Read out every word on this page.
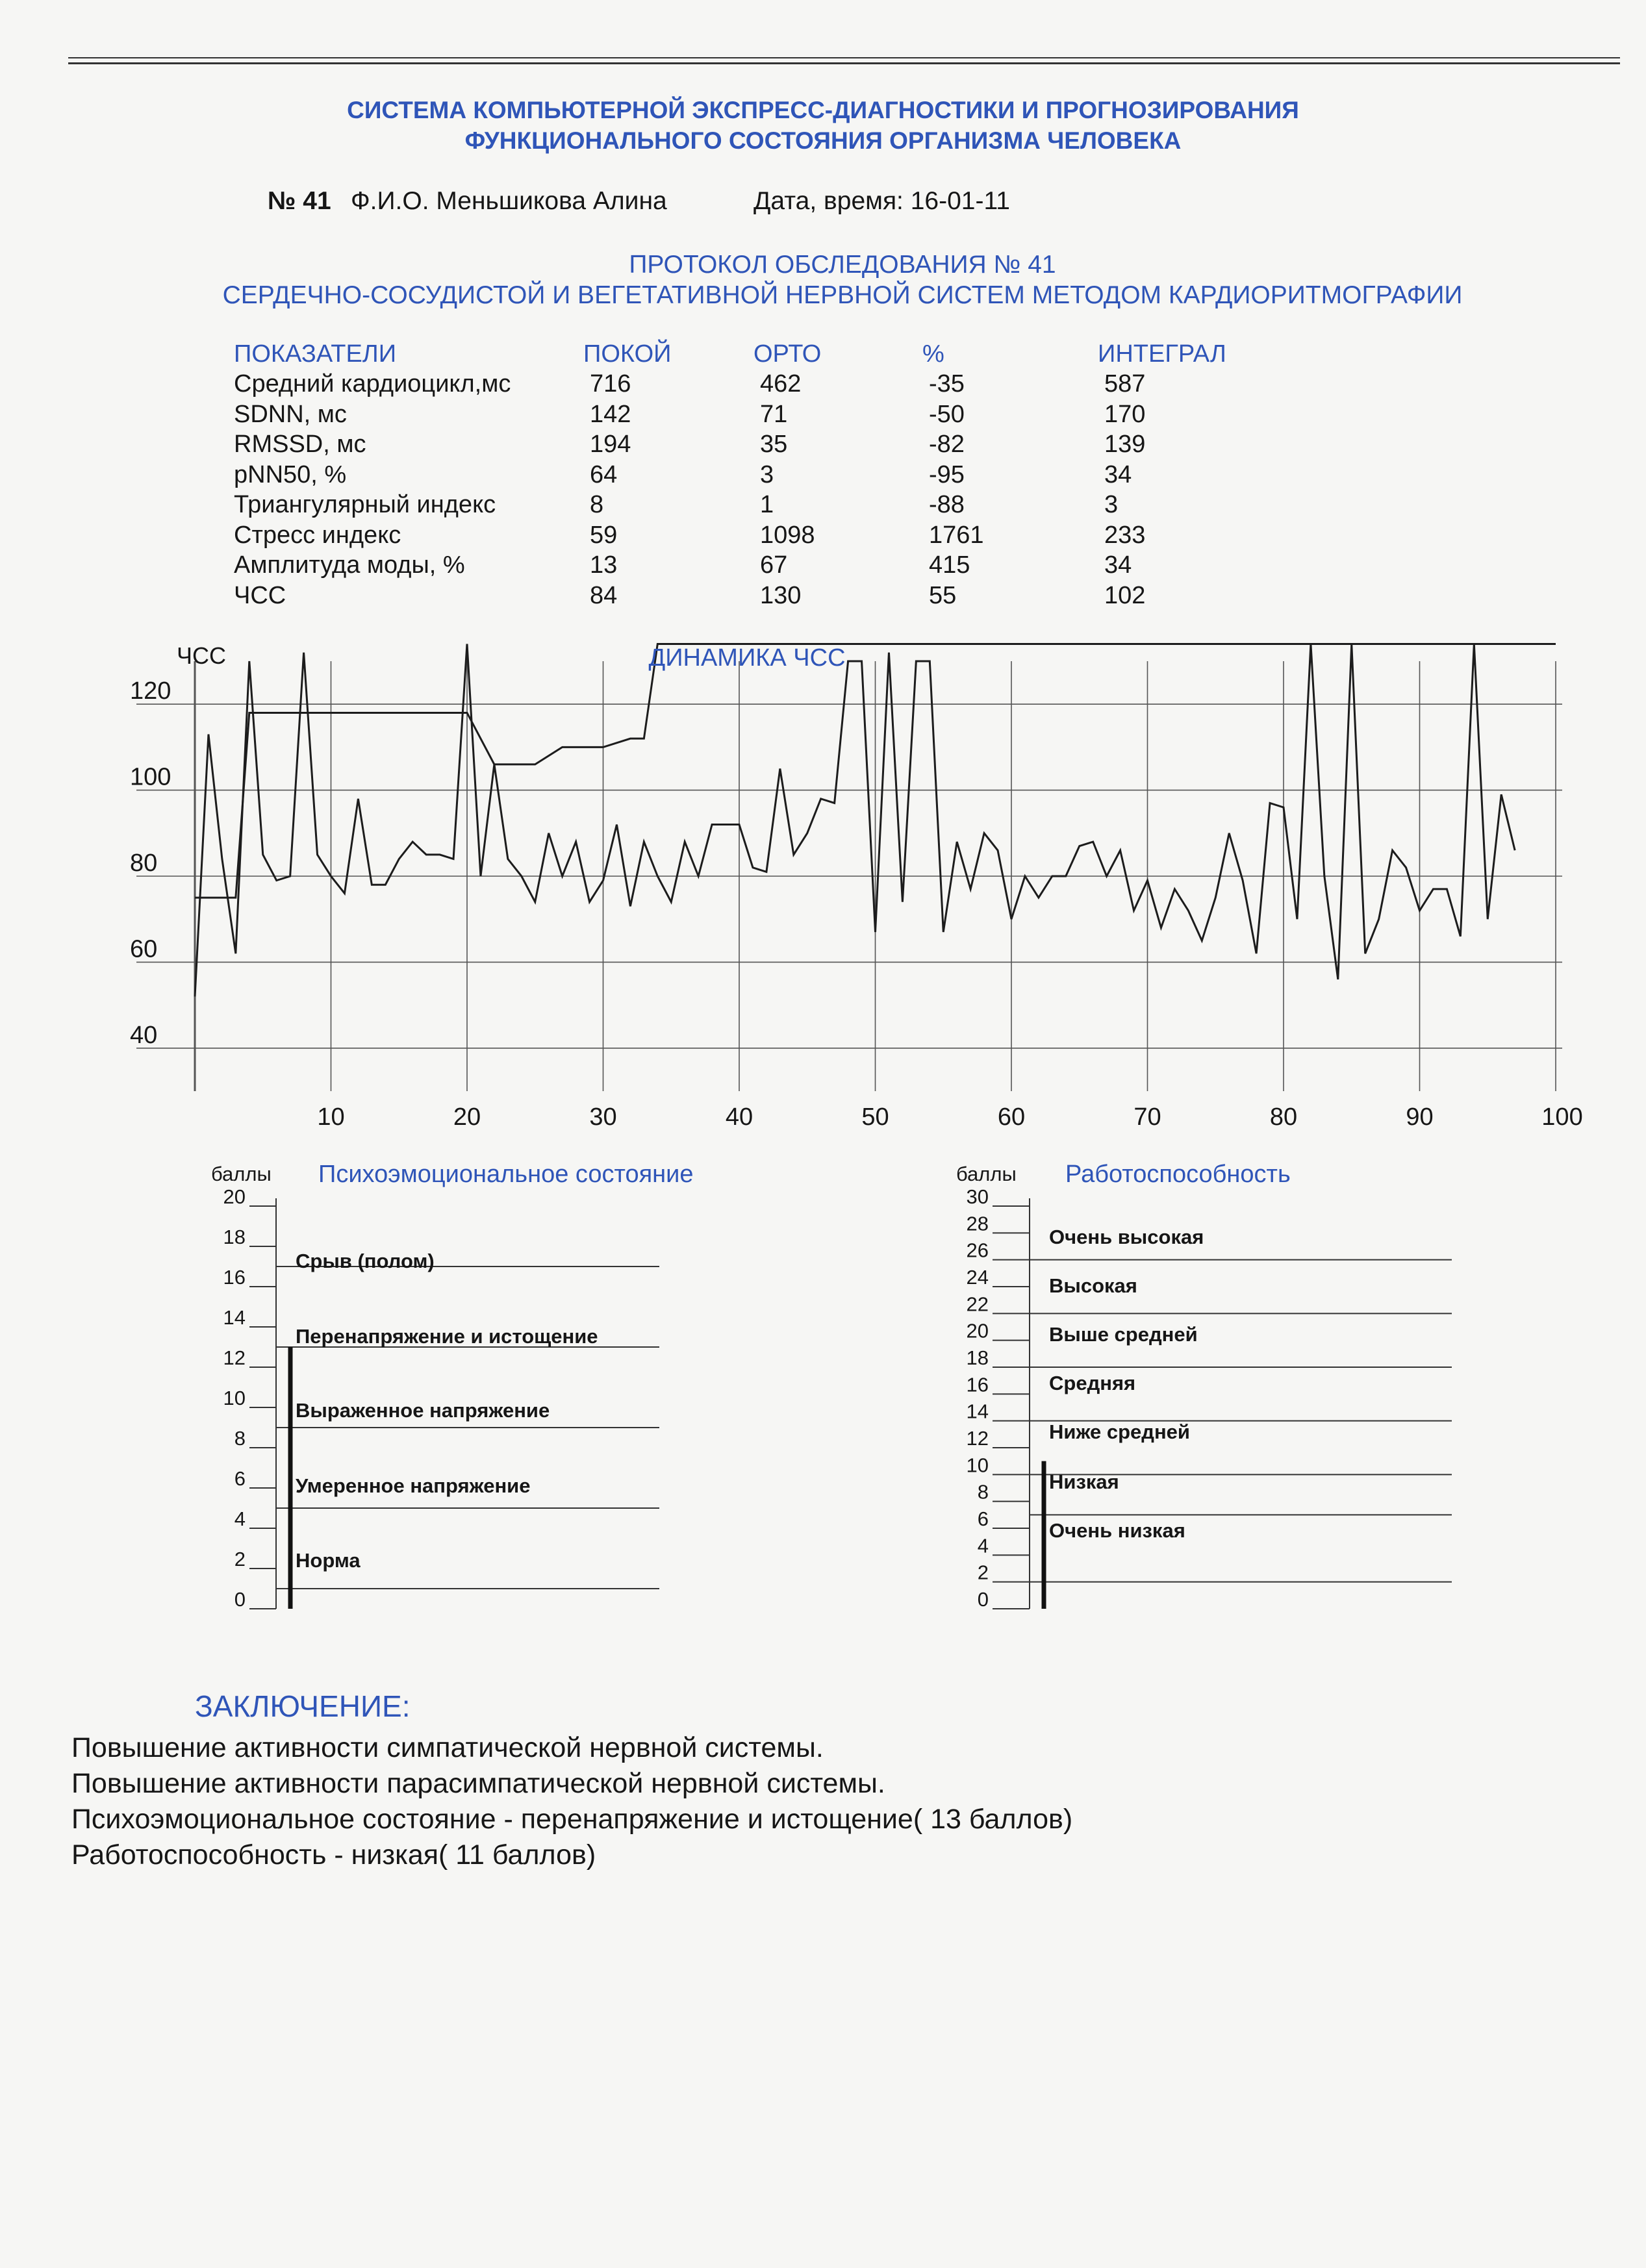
СИСТЕМА КОМПЬЮТЕРНОЙ ЭКСПРЕСС-ДИАГНОСТИКИ И ПРОГНОЗИРОВАНИЯ
ФУНКЦИОНАЛЬНОГО СОСТОЯНИЯ ОРГАНИЗМА ЧЕЛОВЕКА
№ 41 Ф.И.О. Меньшикова Алина	Дата, время: 16-01-11
ПРОТОКОЛ ОБСЛЕДОВАНИЯ № 41
СЕРДЕЧНО-СОСУДИСТОЙ И ВЕГЕТАТИВНОЙ НЕРВНОЙ СИСТЕМ МЕТОДОМ КАРДИОРИТМОГРАФИИ
ПОКАЗАТЕЛИ	ПОКОЙ	ОРТО	%	ИНТЕГРАЛ
Средний кардиоцикл,мс	716	462	-35	587
SDNN, мс	142	71	-50	170
RMSSD, мс	194	35	-82	139
pNN50, %	64	3	-95	34
Триангулярный индекс	8	1	-88	3
Стресс индекс	59	1098	1761	233
Амплитуда моды, %	13	67	415	34
ЧСС	84	130	55	102
120
100
80
60
40
10	20	30	40	50	60	70	80	90	100
ДИНАМИКА ЧСС
ЧСС
Психоэмоциональное состояние
баллы
20
18
16
14
12
10
8
6
4
2
0
Срыв (полом)
Перенапряжение и истощение
Выраженное напряжение
Умеренное напряжение
Норма
Работоспособность
баллы
30
28
26
24
22
20
18
16
14
12
10
8
6
4
2
0
Очень высокая
Высокая
Выше средней
Средняя
Ниже средней
Низкая
Очень низкая
ЗАКЛЮЧЕНИЕ:
Повышение активности симпатической нервной системы.
Повышение активности парасимпатической нервной системы.
Психоэмоциональное состояние - перенапряжение и истощение( 13 баллов)
Работоспособность - низкая( 11 баллов)
